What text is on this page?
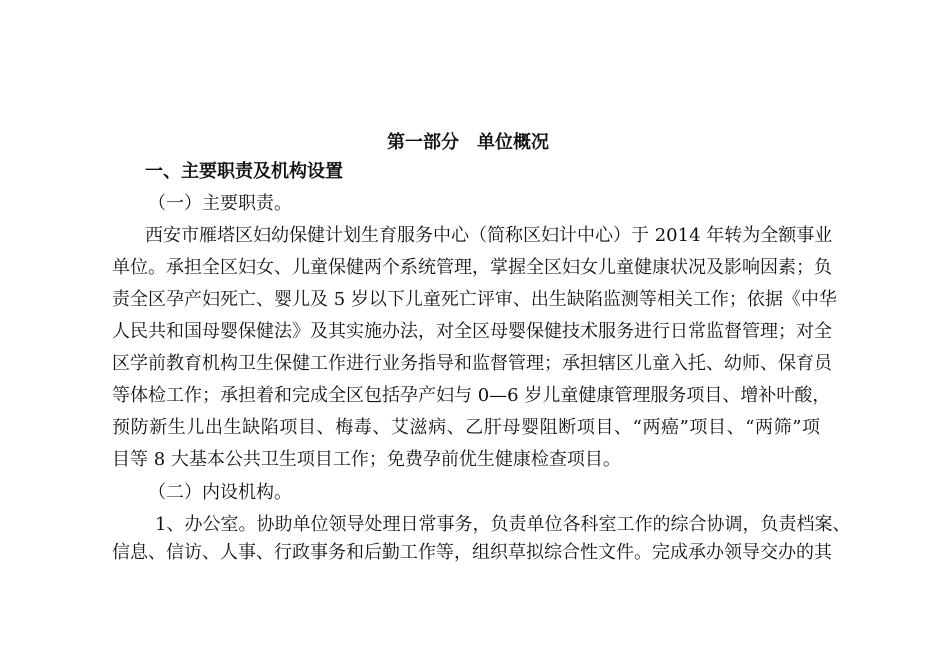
第一部分　单位概况
一、主要职责及机构设置
（一）主要职责。
西安市雁塔区妇幼保健计划生育服务中心（简称区妇计中心）于 2014 年转为全额事业
单位。承担全区妇女、儿童保健两个系统管理，掌握全区妇女儿童健康状况及影响因素；负
责全区孕产妇死亡、婴儿及 5 岁以下儿童死亡评审、出生缺陷监测等相关工作；依据《中华
人民共和国母婴保健法》及其实施办法，对全区母婴保健技术服务进行日常监督管理；对全
区学前教育机构卫生保健工作进行业务指导和监督管理；承担辖区儿童入托、幼师、保育员
等体检工作；承担着和完成全区包括孕产妇与 0—6 岁儿童健康管理服务项目、增补叶酸，
预防新生儿出生缺陷项目、梅毒、艾滋病、乙肝母婴阻断项目、“两癌”项目、“两筛”项
目等 8 大基本公共卫生项目工作；免费孕前优生健康检查项目。
（二）内设机构。
1、办公室。协助单位领导处理日常事务，负责单位各科室工作的综合协调，负责档案、
信息、信访、人事、行政事务和后勤工作等，组织草拟综合性文件。完成承办领导交办的其
